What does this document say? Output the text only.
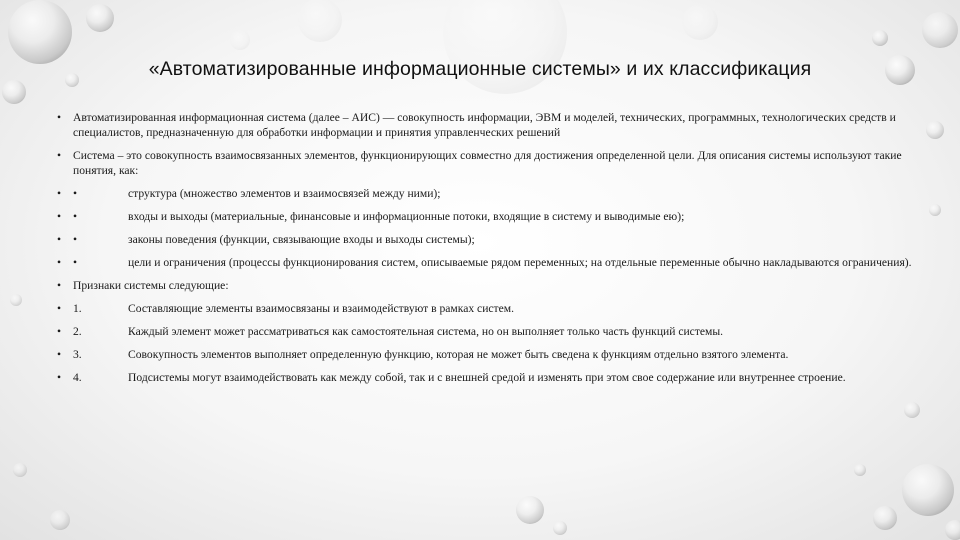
«Автоматизированные информационные системы» и их классификация
• Автоматизированная информационная система (далее – АИС) — совокупность информации, ЭВМ и моделей, технических, программных, технологических средств и специалистов, предназначенную для обработки информации и принятия управленческих решений
• Система – это совокупность взаимосвязанных элементов, функционирующих совместно для достижения определенной цели. Для описания системы используют такие понятия, как:
• •	структура (множество элементов и взаимосвязей между ними);
• •	входы и выходы (материальные, финансовые и информационные потоки, входящие в систему и выводимые ею);
• •	законы поведения (функции, связывающие входы и выходы системы);
• •	цели и ограничения (процессы функционирования систем, описываемые рядом переменных; на отдельные переменные обычно накладываются ограничения).
• Признаки системы следующие:
• 1.	Составляющие элементы взаимосвязаны и взаимодействуют в рамках систем.
• 2.	Каждый элемент может рассматриваться как самостоятельная система, но он выполняет только часть функций системы.
• 3.	Совокупность элементов выполняет определенную функцию, которая не может быть сведена к функциям отдельно взятого элемента.
• 4.	Подсистемы могут взаимодействовать как между собой, так и с внешней средой и изменять при этом свое содержание или внутреннее строение.
